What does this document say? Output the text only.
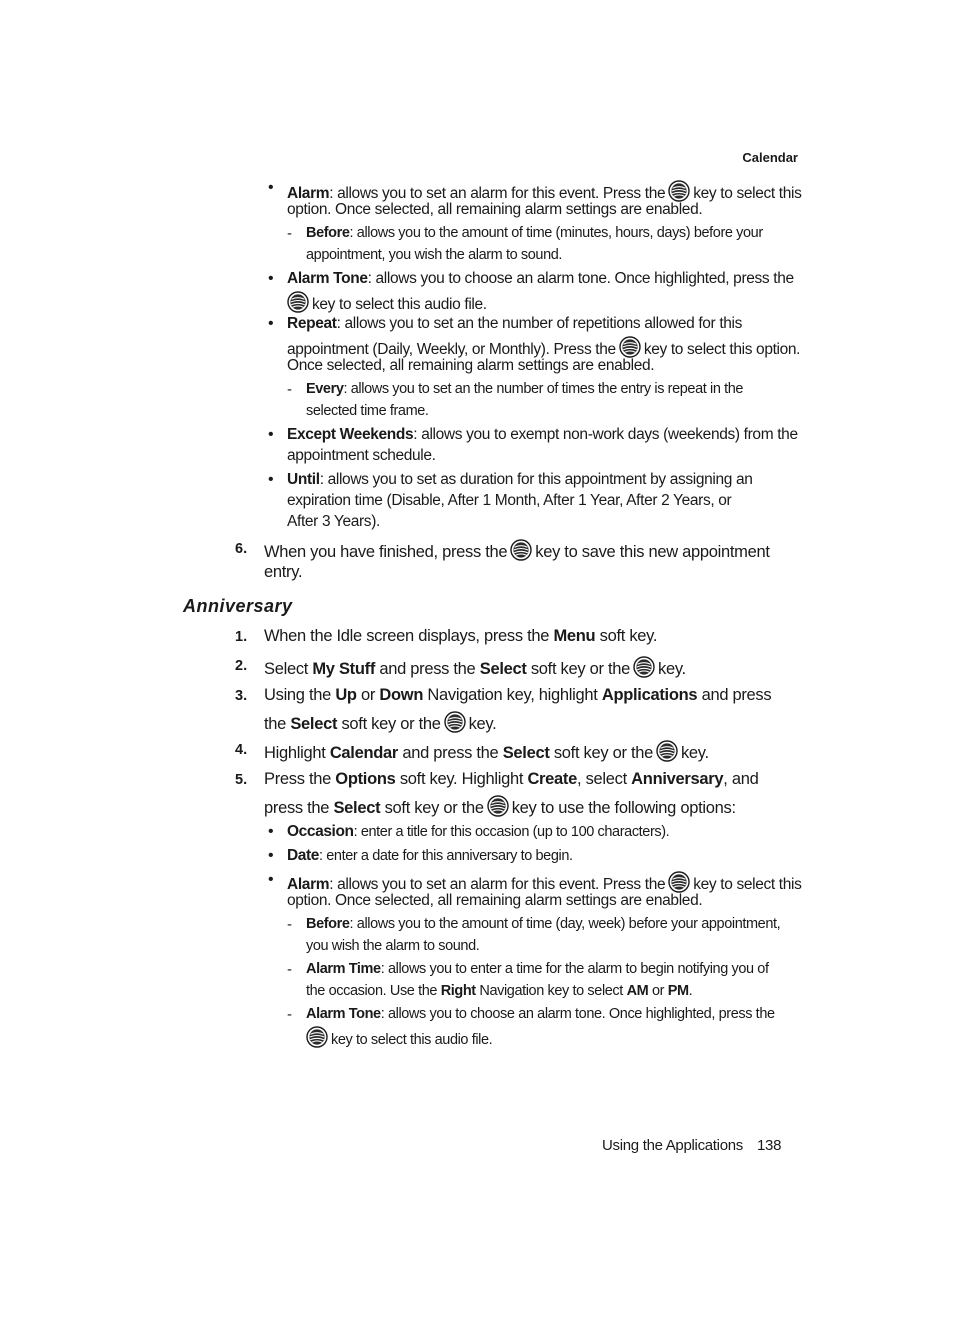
Calendar
• Alarm: allows you to set an alarm for this event. Press the key to select this
option. Once selected, all remaining alarm settings are enabled.
- Before: allows you to the amount of time (minutes, hours, days) before your
appointment, you wish the alarm to sound.
• Alarm Tone: allows you to choose an alarm tone. Once highlighted, press the
key to select this audio file.
• Repeat: allows you to set an the number of repetitions allowed for this
appointment (Daily, Weekly, or Monthly). Press the key to select this option.
Once selected, all remaining alarm settings are enabled.
- Every: allows you to set an the number of times the entry is repeat in the
selected time frame.
• Except Weekends: allows you to exempt non-work days (weekends) from the
appointment schedule.
• Until: allows you to set as duration for this appointment by assigning an
expiration time (Disable, After 1 Month, After 1 Year, After 2 Years, or
After 3 Years).
6. When you have finished, press the key to save this new appointment
entry.
Anniversary
1. When the Idle screen displays, press the Menu soft key.
2. Select My Stuff and press the Select soft key or the key.
3. Using the Up or Down Navigation key, highlight Applications and press
the Select soft key or the key.
4. Highlight Calendar and press the Select soft key or the key.
5. Press the Options soft key. Highlight Create, select Anniversary, and
press the Select soft key or the key to use the following options:
• Occasion: enter a title for this occasion (up to 100 characters).
• Date: enter a date for this anniversary to begin.
• Alarm: allows you to set an alarm for this event. Press the key to select this
option. Once selected, all remaining alarm settings are enabled.
- Before: allows you to the amount of time (day, week) before your appointment,
you wish the alarm to sound.
- Alarm Time: allows you to enter a time for the alarm to begin notifying you of
the occasion. Use the Right Navigation key to select AM or PM.
- Alarm Tone: allows you to choose an alarm tone. Once highlighted, press the
key to select this audio file.
Using the Applications 138
